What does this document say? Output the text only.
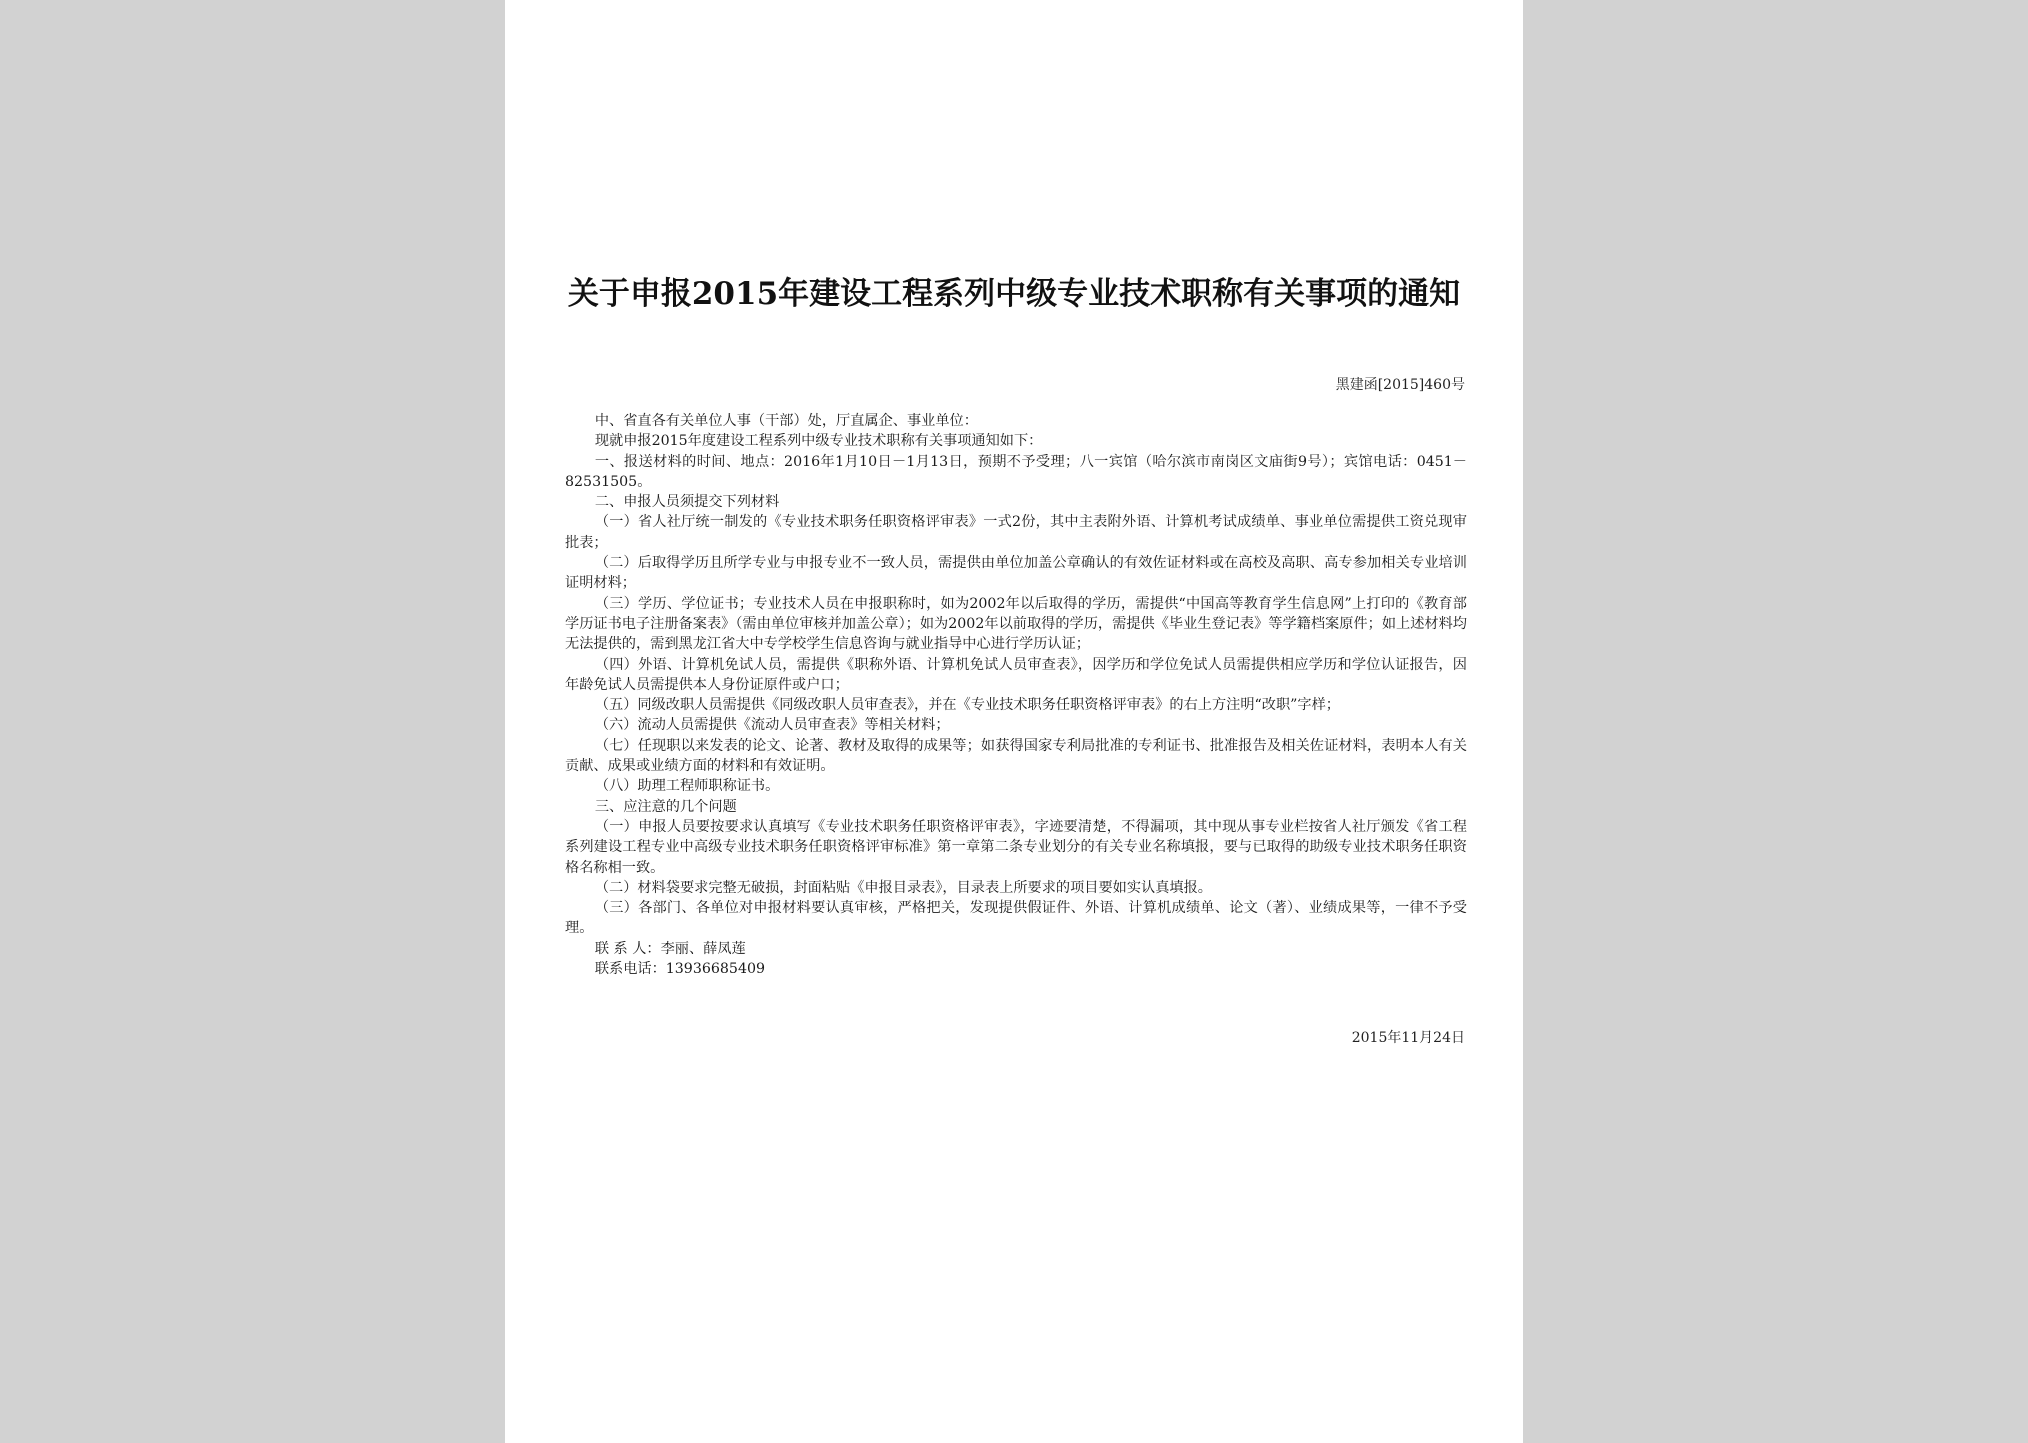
关于申报2015年建设工程系列中级专业技术职称有关事项的通知
黑建函[2015]460号

中、省直各有关单位人事（干部）处，厅直属企、事业单位：

现就申报2015年度建设工程系列中级专业技术职称有关事项通知如下：

一、报送材料的时间、地点：2016年1月10日－1月13日，预期不予受理；八一宾馆（哈尔滨市南岗区文庙街9号）；宾馆电话：0451－82531505。

二、申报人员须提交下列材料

（一）省人社厅统一制发的《专业技术职务任职资格评审表》一式2份，其中主表附外语、计算机考试成绩单、事业单位需提供工资兑现审批表；

（二）后取得学历且所学专业与申报专业不一致人员，需提供由单位加盖公章确认的有效佐证材料或在高校及高职、高专参加相关专业培训证明材料；

（三）学历、学位证书；专业技术人员在申报职称时，如为2002年以后取得的学历，需提供“中国高等教育学生信息网”上打印的《教育部学历证书电子注册备案表》（需由单位审核并加盖公章）；如为2002年以前取得的学历，需提供《毕业生登记表》等学籍档案原件；如上述材料均无法提供的，需到黑龙江省大中专学校学生信息咨询与就业指导中心进行学历认证；

（四）外语、计算机免试人员，需提供《职称外语、计算机免试人员审查表》，因学历和学位免试人员需提供相应学历和学位认证报告，因年龄免试人员需提供本人身份证原件或户口；

（五）同级改职人员需提供《同级改职人员审查表》，并在《专业技术职务任职资格评审表》的右上方注明“改职”字样；

（六）流动人员需提供《流动人员审查表》等相关材料；

（七）任现职以来发表的论文、论著、教材及取得的成果等；如获得国家专利局批准的专利证书、批准报告及相关佐证材料，表明本人有关贡献、成果或业绩方面的材料和有效证明。

（八）助理工程师职称证书。

三、应注意的几个问题

（一）申报人员要按要求认真填写《专业技术职务任职资格评审表》，字迹要清楚，不得漏项，其中现从事专业栏按省人社厅颁发《省工程系列建设工程专业中高级专业技术职务任职资格评审标准》第一章第二条专业划分的有关专业名称填报，要与已取得的助级专业技术职务任职资格名称相一致。

（二）材料袋要求完整无破损，封面粘贴《申报目录表》，目录表上所要求的项目要如实认真填报。

（三）各部门、各单位对申报材料要认真审核，严格把关，发现提供假证件、外语、计算机成绩单、论文（著）、业绩成果等，一律不予受理。

联 系 人：李丽、薛凤莲

联系电话：13936685409

2015年11月24日
